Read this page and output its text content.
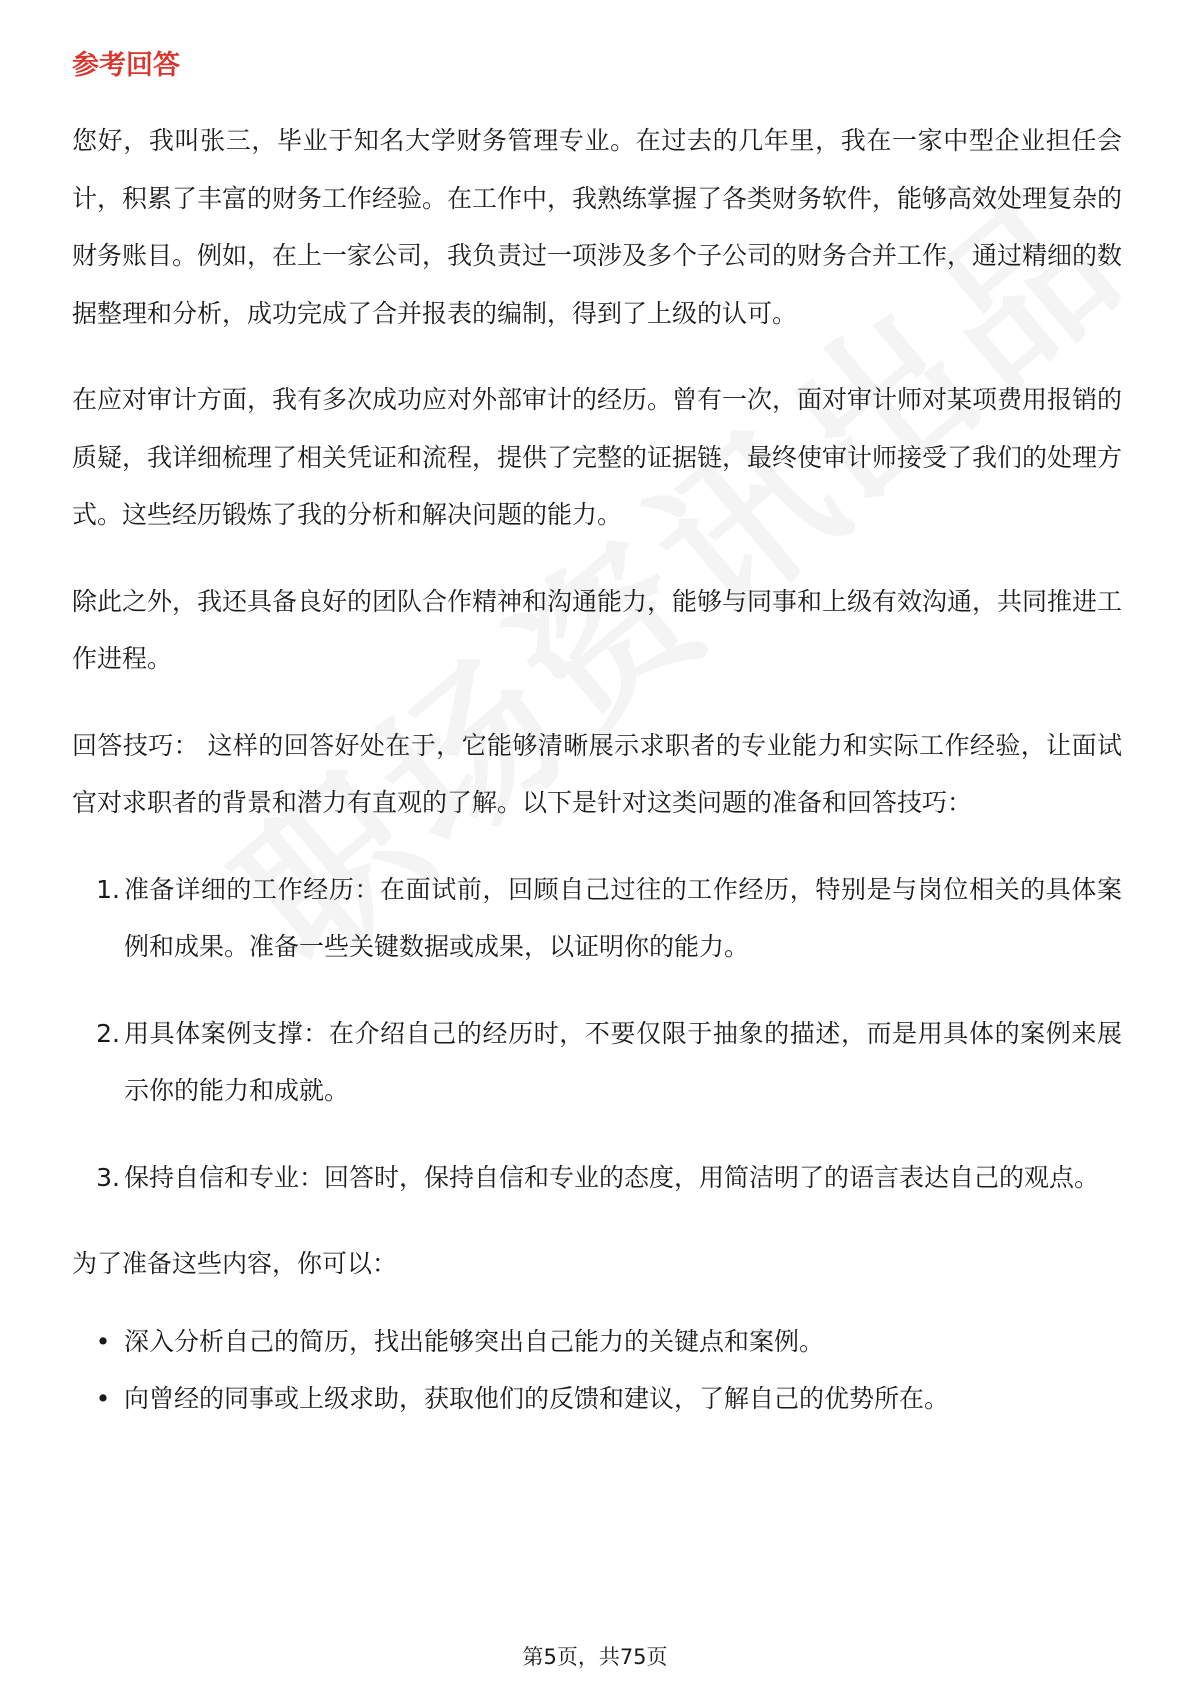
参考回答

您好，我叫张三，毕业于知名大学财务管理专业。在过去的几年里，我在一家中型企业担任会计，积累了丰富的财务工作经验。在工作中，我熟练掌握了各类财务软件，能够高效处理复杂的财务账目。例如，在上一家公司，我负责过一项涉及多个子公司的财务合并工作，通过精细的数据整理和分析，成功完成了合并报表的编制，得到了上级的认可。

在应对审计方面，我有多次成功应对外部审计的经历。曾有一次，面对审计师对某项费用报销的质疑，我详细梳理了相关凭证和流程，提供了完整的证据链，最终使审计师接受了我们的处理方式。这些经历锻炼了我的分析和解决问题的能力。

除此之外，我还具备良好的团队合作精神和沟通能力，能够与同事和上级有效沟通，共同推进工作进程。

回答技巧： 这样的回答好处在于，它能够清晰展示求职者的专业能力和实际工作经验，让面试官对求职者的背景和潜力有直观的了解。以下是针对这类问题的准备和回答技巧：

1. 准备详细的工作经历：在面试前，回顾自己过往的工作经历，特别是与岗位相关的具体案例和成果。准备一些关键数据或成果，以证明你的能力。
2. 用具体案例支撑：在介绍自己的经历时，不要仅限于抽象的描述，而是用具体的案例来展示你的能力和成就。
3. 保持自信和专业：回答时，保持自信和专业的态度，用简洁明了的语言表达自己的观点。

为了准备这些内容，你可以：

• 深入分析自己的简历，找出能够突出自己能力的关键点和案例。
• 向曾经的同事或上级求助，获取他们的反馈和建议，了解自己的优势所在。
第5页，共75页
